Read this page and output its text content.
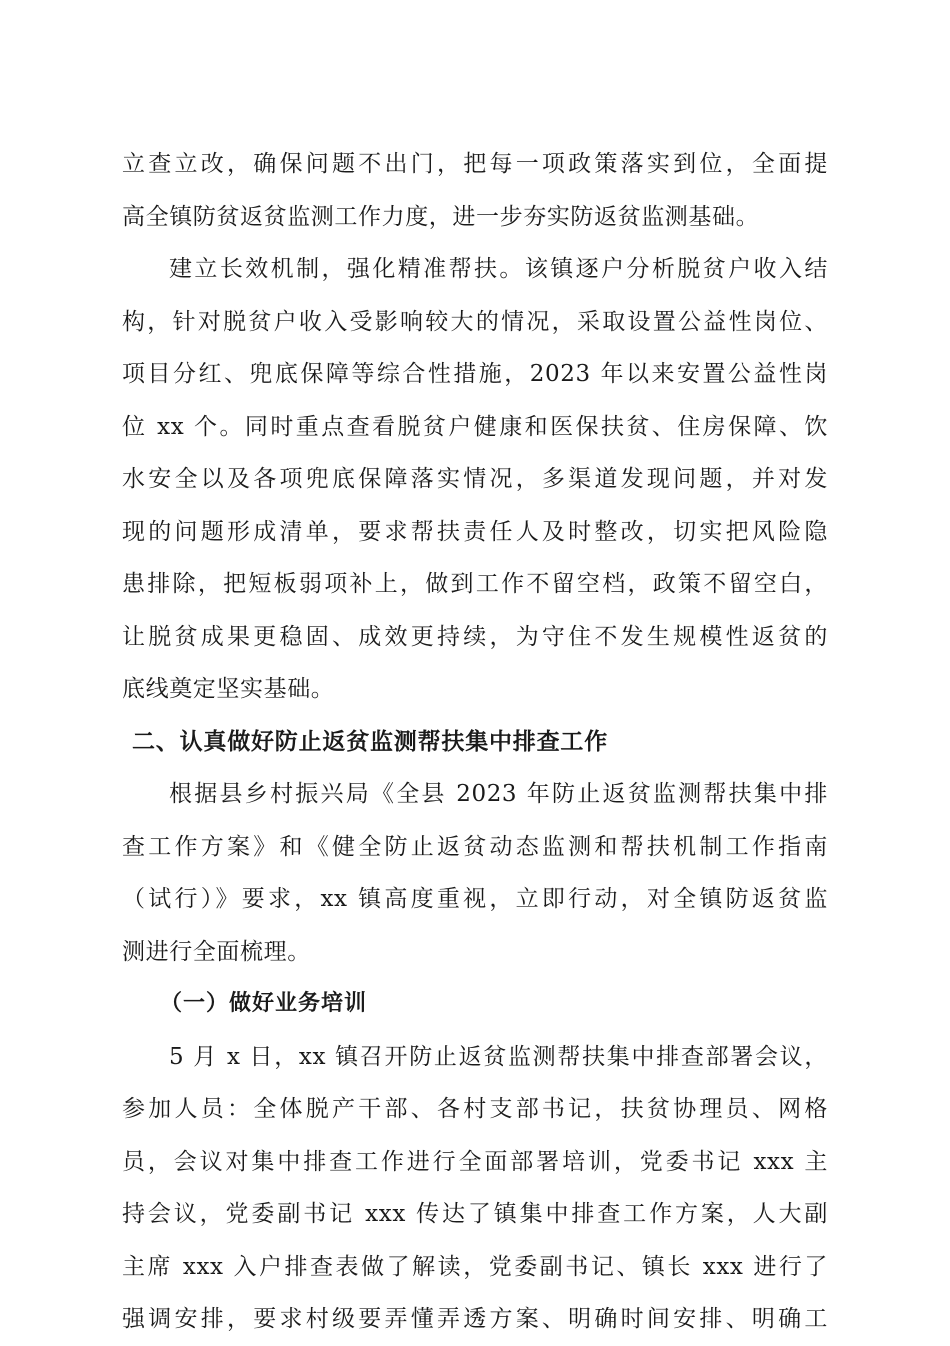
立查立改，确保问题不出门，把每一项政策落实到位，全面提
高全镇防贫返贫监测工作力度，进一步夯实防返贫监测基础。
建立长效机制，强化精准帮扶。该镇逐户分析脱贫户收入结
构，针对脱贫户收入受影响较大的情况，采取设置公益性岗位、
项目分红、兜底保障等综合性措施，2023 年以来安置公益性岗
位 xx 个。同时重点查看脱贫户健康和医保扶贫、住房保障、饮
水安全以及各项兜底保障落实情况，多渠道发现问题，并对发
现的问题形成清单，要求帮扶责任人及时整改，切实把风险隐
患排除，把短板弱项补上，做到工作不留空档，政策不留空白，
让脱贫成果更稳固、成效更持续，为守住不发生规模性返贫的
底线奠定坚实基础。
二、认真做好防止返贫监测帮扶集中排查工作
根据县乡村振兴局《全县 2023 年防止返贫监测帮扶集中排
查工作方案》和《健全防止返贫动态监测和帮扶机制工作指南
（试行）》要求，xx 镇高度重视，立即行动，对全镇防返贫监
测进行全面梳理。
（一）做好业务培训
5 月 x 日，xx 镇召开防止返贫监测帮扶集中排查部署会议，
参加人员：全体脱产干部、各村支部书记，扶贫协理员、网格
员，会议对集中排查工作进行全面部署培训，党委书记 xxx 主
持会议，党委副书记 xxx 传达了镇集中排查工作方案，人大副
主席 xxx 入户排查表做了解读，党委副书记、镇长 xxx 进行了
强调安排，要求村级要弄懂弄透方案、明确时间安排、明确工
